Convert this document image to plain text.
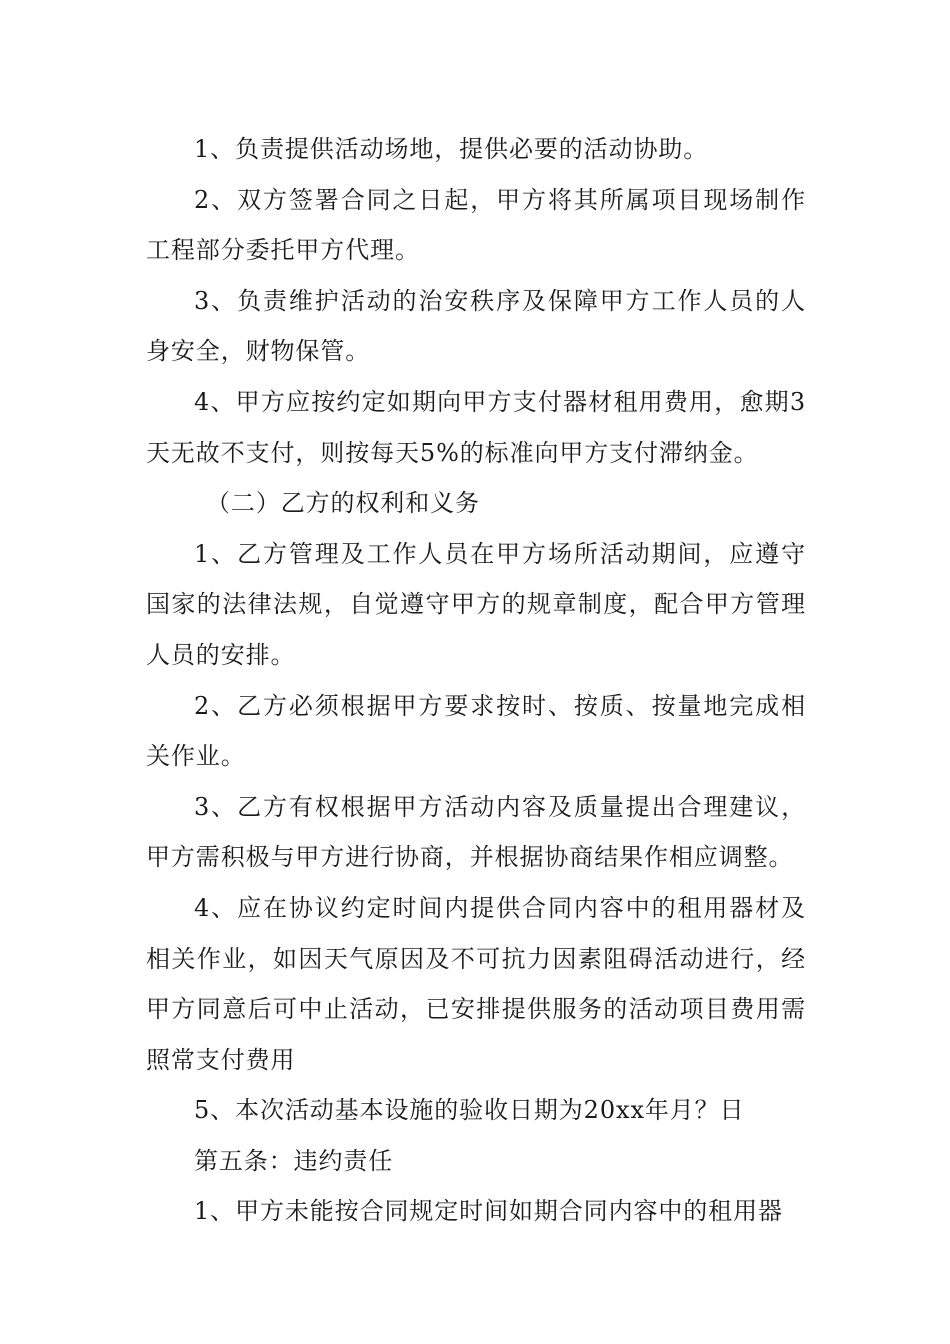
1、负责提供活动场地，提供必要的活动协助。

2、双方签署合同之日起，甲方将其所属项目现场制作工程部分委托甲方代理。

3、负责维护活动的治安秩序及保障甲方工作人员的人身安全，财物保管。

4、甲方应按约定如期向甲方支付器材租用费用，愈期3天无故不支付，则按每天5%的标准向甲方支付滞纳金。

（二）乙方的权利和义务

1、乙方管理及工作人员在甲方场所活动期间，应遵守国家的法律法规，自觉遵守甲方的规章制度，配合甲方管理人员的安排。

2、乙方必须根据甲方要求按时、按质、按量地完成相关作业。

3、乙方有权根据甲方活动内容及质量提出合理建议，甲方需积极与甲方进行协商，并根据协商结果作相应调整。

4、应在协议约定时间内提供合同内容中的租用器材及相关作业，如因天气原因及不可抗力因素阻碍活动进行，经甲方同意后可中止活动，已安排提供服务的活动项目费用需照常支付费用

5、本次活动基本设施的验收日期为20xx年月？日

第五条：违约责任

1、甲方未能按合同规定时间如期合同内容中的租用器
